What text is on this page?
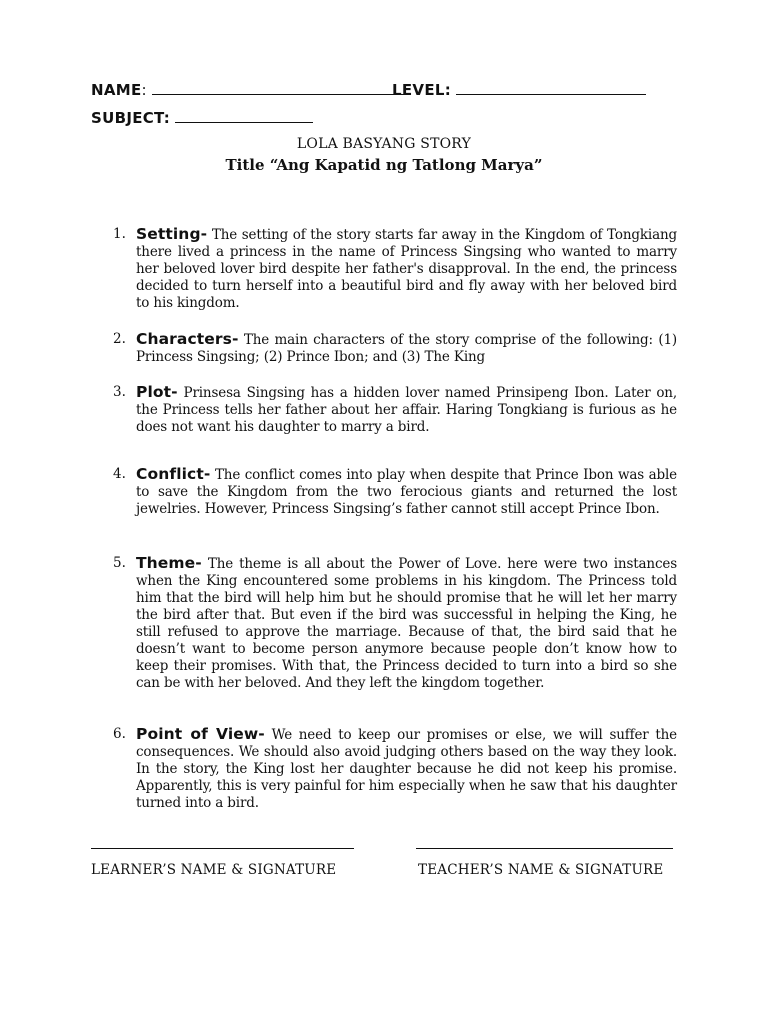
NAME:	LEVEL:
SUBJECT:
LOLA BASYANG STORY
Title “Ang Kapatid ng Tatlong Marya”
1. Setting- The setting of the story starts far away in the Kingdom of Tongkiang there lived a princess in the name of Princess Singsing who wanted to marry her beloved lover bird despite her father's disapproval. In the end, the princess decided to turn herself into a beautiful bird and fly away with her beloved bird to his kingdom.
2. Characters- The main characters of the story comprise of the following: (1) Princess Singsing; (2) Prince Ibon; and (3) The King
3. Plot- Prinsesa Singsing has a hidden lover named Prinsipeng Ibon. Later on, the Princess tells her father about her affair. Haring Tongkiang is furious as he does not want his daughter to marry a bird.
4. Conflict- The conflict comes into play when despite that Prince Ibon was able to save the Kingdom from the two ferocious giants and returned the lost jewelries. However, Princess Singsing’s father cannot still accept Prince Ibon.
5. Theme- The theme is all about the Power of Love. here were two instances when the King encountered some problems in his kingdom. The Princess told him that the bird will help him but he should promise that he will let her marry the bird after that. But even if the bird was successful in helping the King, he still refused to approve the marriage. Because of that, the bird said that he doesn’t want to become person anymore because people don’t know how to keep their promises. With that, the Princess decided to turn into a bird so she can be with her beloved. And they left the kingdom together.
6. Point of View- We need to keep our promises or else, we will suffer the consequences. We should also avoid judging others based on the way they look. In the story, the King lost her daughter because he did not keep his promise. Apparently, this is very painful for him especially when he saw that his daughter turned into a bird.
LEARNER’S NAME & SIGNATURE	TEACHER’S NAME & SIGNATURE
